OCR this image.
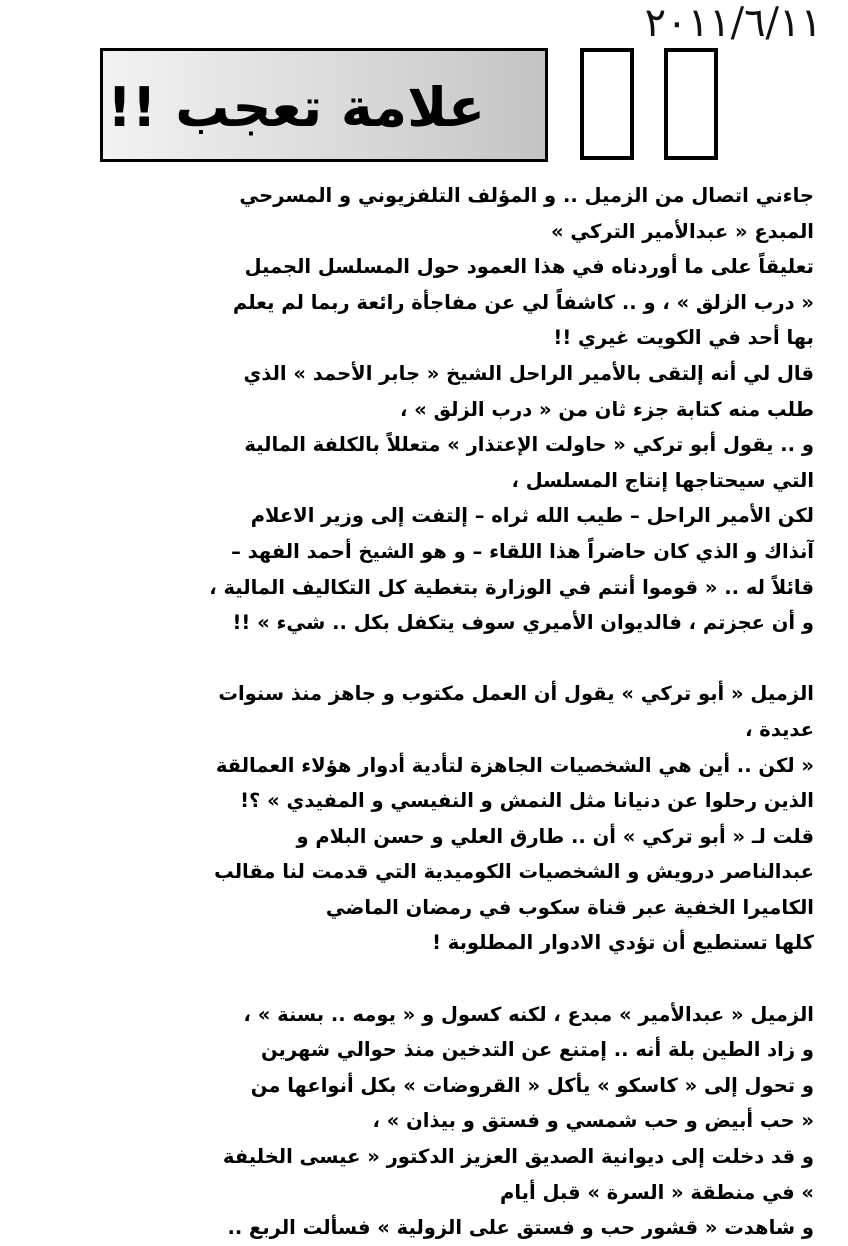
٢٠١١/٦/١١
علامة تعجب !!
جاءني اتصال من الزميل .. و المؤلف التلفزيوني و المسرحي
المبدع « عبدالأمير التركي »
تعليقاً على ما أوردناه في هذا العمود حول المسلسل الجميل
« درب الزلق » ، و .. كاشفاً لي عن مفاجأة رائعة ربما لم يعلم
بها أحد في الكويت غيري !!
قال لي أنه إلتقى بالأمير الراحل الشيخ « جابر الأحمد » الذي
طلب منه كتابة جزء ثان من « درب الزلق » ،
و .. يقول أبو تركي « حاولت الإعتذار » متعللاً بالكلفة المالية
التي سيحتاجها إنتاج المسلسل ،
لكن الأمير الراحل – طيب الله ثراه – إلتفت إلى وزير الاعلام
آنذاك و الذي كان حاضراً هذا اللقاء – و هو الشيخ أحمد الفهد –
قائلاً له .. « قوموا أنتم في الوزارة بتغطية كل التكاليف المالية ،
و أن عجزتم ، فالديوان الأميري سوف يتكفل بكل .. شيء » !!
الزميل « أبو تركي » يقول أن العمل مكتوب و جاهز منذ سنوات
عديدة ،
« لكن .. أين هي الشخصيات الجاهزة لتأدية أدوار هؤلاء العمالقة
الذين رحلوا عن دنيانا مثل النمش و النفيسي و المفيدي » ؟!
قلت لـ « أبو تركي » أن .. طارق العلي و حسن البلام و
عبدالناصر درويش و الشخصيات الكوميدية التي قدمت لنا مقالب
الكاميرا الخفية عبر قناة سكوب في رمضان الماضي
كلها تستطيع أن تؤدي الادوار المطلوبة !
الزميل « عبدالأمير » مبدع ، لكنه كسول و « يومه .. بسنة » ،
و زاد الطين بلة أنه .. إمتنع عن التدخين منذ حوالي شهرين
و تحول إلى « كاسكو » يأكل « القروضات » بكل أنواعها من
« حب أبيض و حب شمسي و فستق و بيذان » ،
و قد دخلت إلى ديوانية الصديق العزيز الدكتور « عيسى الخليفة
» في منطقة « السرة » قبل أيام
و شاهدت « قشور حب و فستق على الزولية » فسألت الربع ..
